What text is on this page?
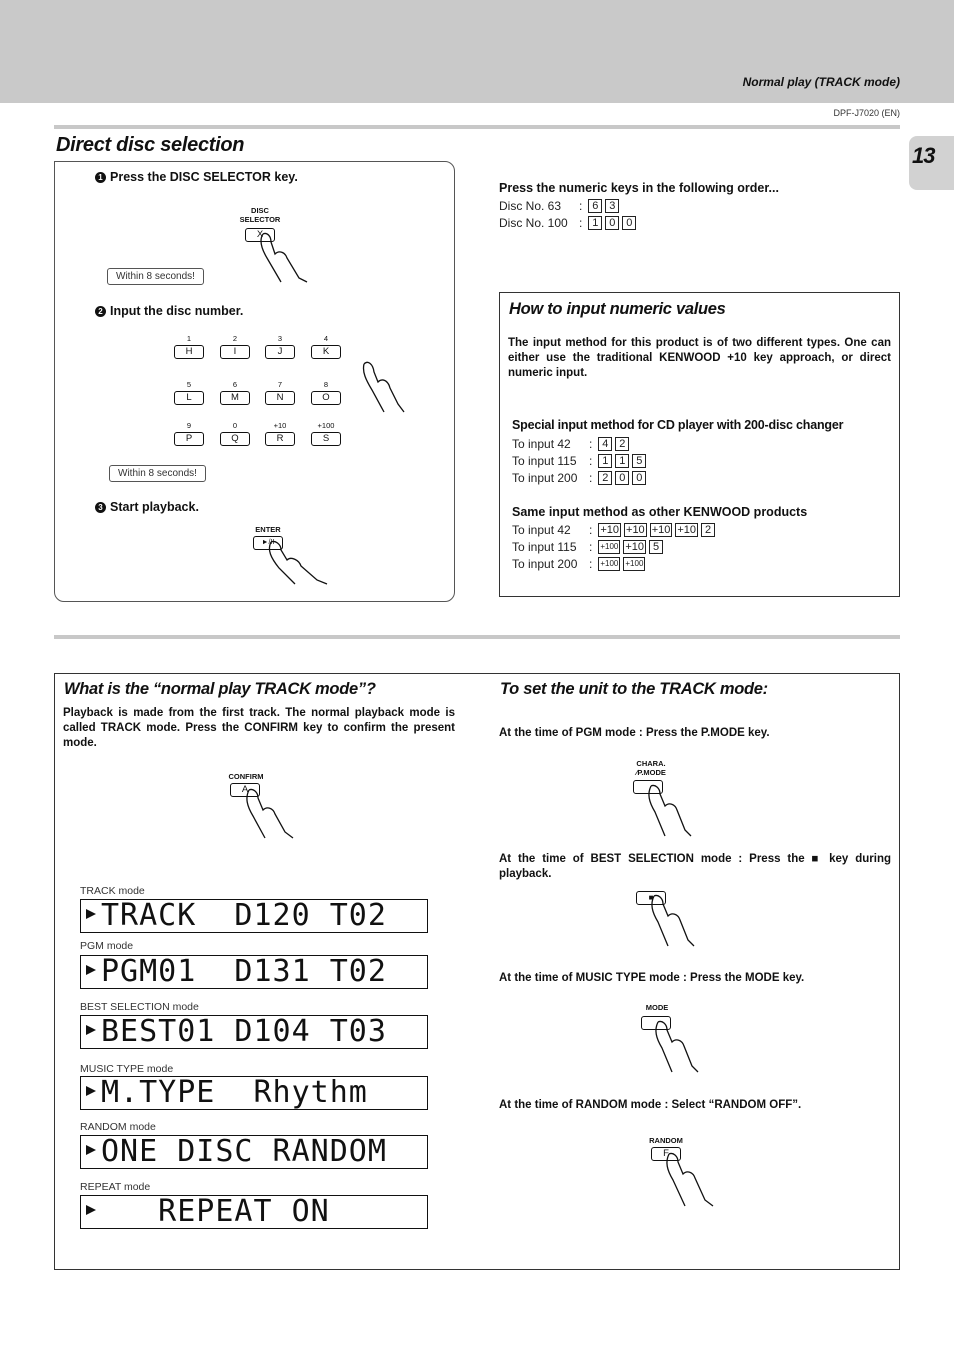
Normal play (TRACK mode)
DPF-J7020 (EN)
13
Direct disc selection
1 Press the DISC SELECTOR key.
DISC SELECTOR
X
Within 8 seconds!
2 Input the disc number.
1
H
2
I
3
J
4
K
5
L
6
M
7
N
8
O
9
P
0
Q
+10
R
+100
S
Within 8 seconds!
3 Start playback.
ENTER
►/II
Press the numeric keys in the following order...
Disc No. 63	: 6 3
Disc No. 100 : 1 0 0
How to input numeric values
The input method for this product is of two different types. One can either use the traditional KENWOOD +10 key approach, or direct numeric input.
Special input method for CD player with 200-disc changer
To input 42	: 4 2
To input 115	: 1 1 5
To input 200 : 2 0 0
Same input method as other KENWOOD products
To input 42	: +10 +10 +10 +10 2
To input 115	: +100 +10 5
To input 200 : +100 +100
What is the “normal play TRACK mode”?
Playback is made from the first track. The normal playback mode is called TRACK mode. Press the CONFIRM key to confirm the present mode.
CONFIRM
A
TRACK mode
TRACK  D120 T02
PGM mode
PGM01  D131 T02
BEST SELECTION mode
BEST01 D104 T03
MUSIC TYPE mode
M.TYPE  Rhythm
RANDOM mode
ONE DISC RANDOM
REPEAT mode
REPEAT ON
To set the unit to the TRACK mode:
At the time of PGM mode : Press the P.MODE key.
CHARA. ∕P.MODE
At the time of BEST SELECTION mode : Press the ■ key during playback.
■
At the time of MUSIC TYPE mode : Press the MODE key.
MODE
At the time of RANDOM mode : Select “RANDOM OFF”.
RANDOM
F
